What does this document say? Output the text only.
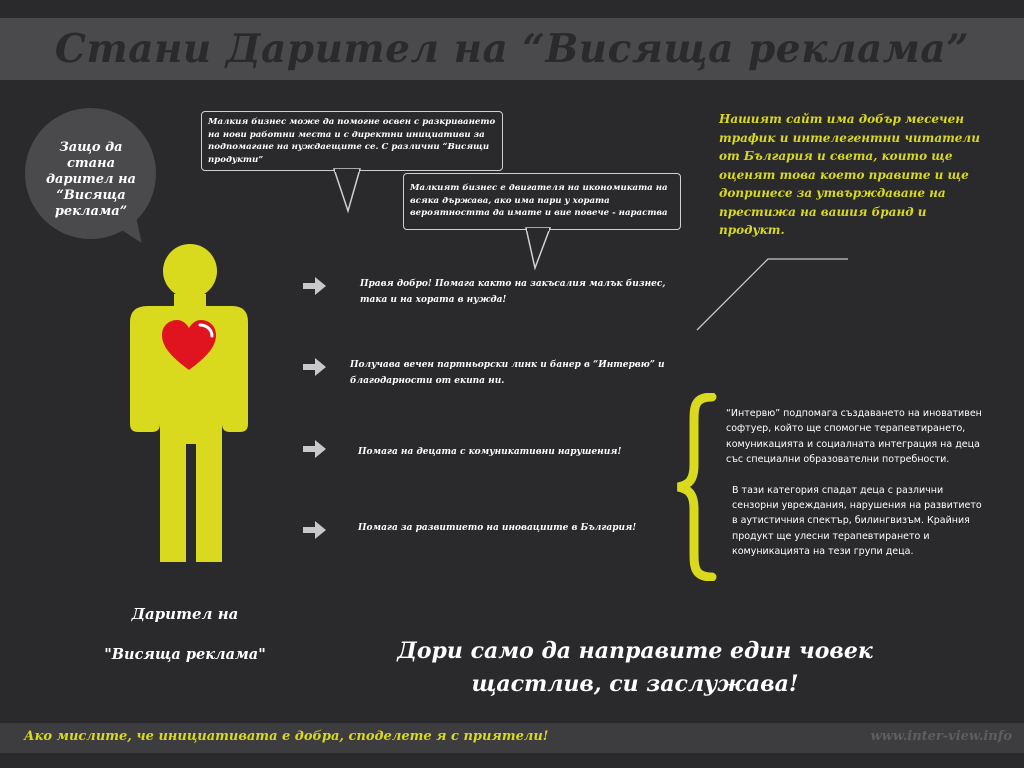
Стани Дарител на “Висяща реклама”
Защо да стана дарител на “Висяща реклама”
Малкия бизнес може да помогне освен с разкриването на нови работни места и с директни инициативи за подпомагане на нуждаещите се. С различни “Висящи продукти”
Малкият бизнес е двигателя на икономиката на всяка държава, ако има пари у хората вероятността да имате и вие повече - нараства
Правя добро! Помага както на закъсалия малък бизнес, така и на хората в нужда!
Получава вечен партньорски линк и банер в “Интервю” и благодарности от екипа ни.
Помага на децата с комуникативни нарушения!
Помага за развитието на иновациите в България!
Нашият сайт има добър месечен трафик и интелегентни читатели от България и света, които ще оценят това което правите и ще допринесе за утвърждаване на престижа на вашия бранд и продукт.

“Интервю” подпомага създаването на иновативен софтуер, който ще спомогне терапевтирането, комуникацията и социалната интеграция на деца със специални образователни потребности.

В тази категория спадат деца с различни сензорни увреждания, нарушения на развитието в аутистичния спектър, билингвизъм. Крайния продукт ще улесни терапевтирането и комуникацията на тези групи деца.

Дарител на
"Висяща реклама"	Дори само да направите един човек
щастлив, си заслужава!
Ако мислите, че инициативата е добра, споделете я с приятели!	www.inter-view.info
